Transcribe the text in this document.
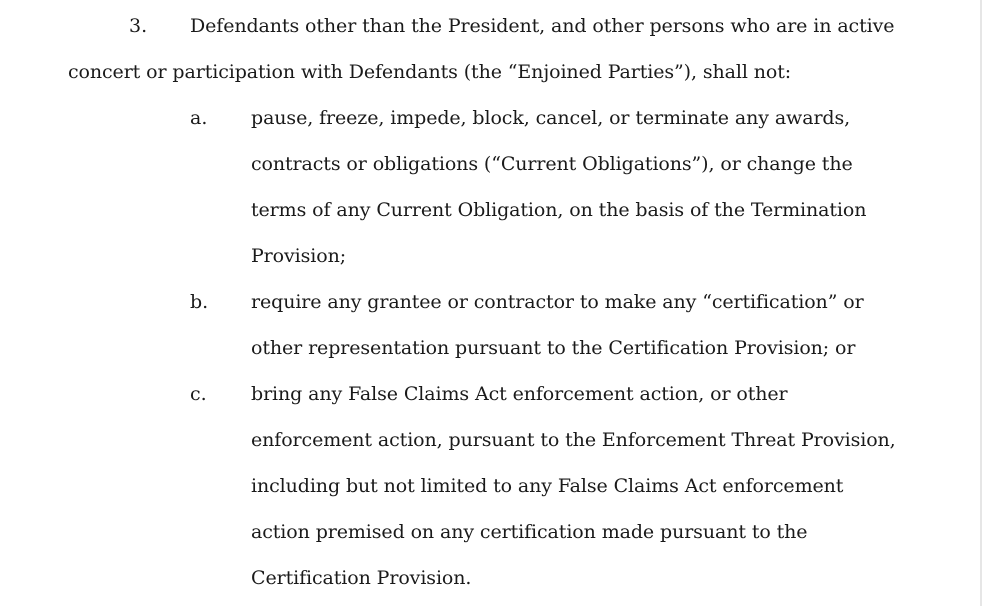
3. Defendants other than the President, and other persons who are in active
concert or participation with Defendants (the “Enjoined Parties”), shall not:
a. pause, freeze, impede, block, cancel, or terminate any awards,
contracts or obligations (“Current Obligations”), or change the
terms of any Current Obligation, on the basis of the Termination
Provision;
b. require any grantee or contractor to make any “certification” or
other representation pursuant to the Certification Provision; or
c. bring any False Claims Act enforcement action, or other
enforcement action, pursuant to the Enforcement Threat Provision,
including but not limited to any False Claims Act enforcement
action premised on any certification made pursuant to the
Certification Provision.
